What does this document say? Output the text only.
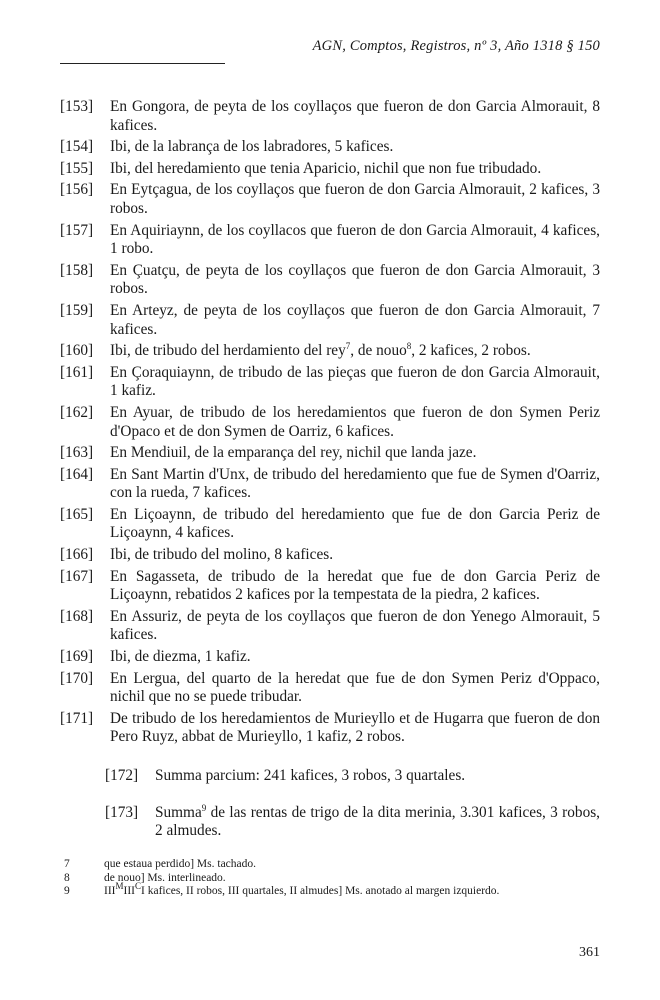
AGN, Comptos, Registros, nº 3, Año 1318 § 150
[153]	En Gongora, de peyta de los coyllaços que fueron de don Garcia Almorauit, 8 kafices.
[154]	Ibi, de la labrança de los labradores, 5 kafices.
[155]	Ibi, del heredamiento que tenia Aparicio, nichil que non fue tribudado.
[156]	En Eytçagua, de los coyllaços que fueron de don Garcia Almorauit, 2 kafices, 3 robos.
[157]	En Aquiriaynn, de los coyllacos que fueron de don Garcia Almorauit, 4 kafices, 1 robo.
[158]	En Çuatçu, de peyta de los coyllaços que fueron de don Garcia Almorauit, 3 robos.
[159]	En Arteyz, de peyta de los coyllaços que fueron de don Garcia Almorauit, 7 kafices.
[160]	Ibi, de tribudo del herdamiento del rey$^7$, de nouo$^8$, 2 kafices, 2 robos.
[161]	En Çoraquiaynn, de tribudo de las pieças que fueron de don Garcia Almorauit, 1 kafiz.
[162]	En Ayuar, de tribudo de los heredamientos que fueron de don Symen Periz d'Opaco et de don Symen de Oarriz, 6 kafices.
[163]	En Mendiuil, de la emparança del rey, nichil que landa jaze.
[164]	En Sant Martin d'Unx, de tribudo del heredamiento que fue de Symen d'Oarriz, con la rueda, 7 kafices.
[165]	En Liçoaynn, de tribudo del heredamiento que fue de don Garcia Periz de Liçoaynn, 4 kafices.
[166]	Ibi, de tribudo del molino, 8 kafices.
[167]	En Sagasseta, de tribudo de la heredat que fue de don Garcia Periz de Liçoaynn, rebatidos 2 kafices por la tempestata de la piedra, 2 kafices.
[168]	En Assuriz, de peyta de los coyllaços que fueron de don Yenego Almorauit, 5 kafices.
[169]	Ibi, de diezma, 1 kafiz.
[170]	En Lergua, del quarto de la heredat que fue de don Symen Periz d'Oppaco, nichil que no se puede tribudar.
[171]	De tribudo de los heredamientos de Murieyllo et de Hugarra que fueron de don Pero Ruyz, abbat de Murieyllo, 1 kafiz, 2 robos.
[172]	Summa parcium: 241 kafices, 3 robos, 3 quartales.
[173]	Summa$^9$ de las rentas de trigo de la dita merinia, 3.301 kafices, 3 robos, 2 almudes.
7	que estaua perdido] Ms. tachado.
8	de nouo] Ms. interlineado.
9	$III^MIII^CI$ kafices, II robos, III quartales, II almudes] Ms. anotado al margen izquierdo.
361
